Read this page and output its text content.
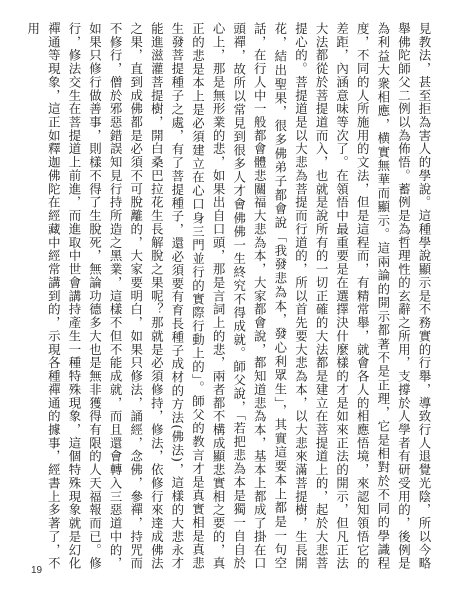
見教法，甚至拒為害人的學說。這種學說顯示是不務實的行舉，導致行人退覺光陰，所以今略舉佛陀師父二例以為佈悟。蓄例是為哲理性的玄辭之所用，支撐於人學者有研受用的，後例是為利益大衆相應，横實無華而顯示。這兩論的開示都著不是正理，它是相對於不同的學識程度，不同的人所施用的文法，但是這程而，有精常舉，就會各人的相應悟境，來認知領悟它的差距，內涵意味等次了。在領悟中最重要是在選擇決什麼樣的才是如來正法的開示，但凡正法大法都從於菩提道而入，也就是說所有的一切正確的大法都是建立在菩提道上的，起於大悲菩提心的。菩提道是以大悲為菩提而行道的，所以首先要大悲為本，以大悲來滿菩提樹，生長開花，結出聖果，很多佛弟子都會說「我發悲為本，發心利眾生」，其實這要本上都是一句空話，在行人中一般都會體悲關福大悲為本，大家都會說，都知道悲為本，基本上都成了掛在口頭禪，故所以常見到很多人才會佛佛一生終究不得成就。師父說，「若把悲為本是獨一自自於心上，那是無形業的悲，如果出自口頭，那是言詞上的悲，兩者都不構成顯悲實相之要的，真正的悲是本上是必須建立在心口身三門並行的實際行動上的」。師父的教言才是真實相是真悲生發菩提種子之處，有了菩提種子，還必須要有育長種子成材的方法(佛法)，這樣的大悲永才能進滋灌菩提樹，開白桑巴拉花生長解脫之果呢？那就是必須修持，修法，依修行來達成佛法之果，直到成佛都是必須不可脫離的，大家要明白，如果只修法，誦經，念佛，參禪，持咒而不修行，僧於邪惡錯誤知見行持所造之黑業，這樣不但不能成就，而且還會轉入三惡道中的，如果只修行做善事，則樣不得了生脫死，無論功德多大也是無非獲得有限的人天福報而已。修行，修法交生在菩提道上前進，而進取中世會講持產生一種特殊現象，這個特殊現象就是幻化禪通等現象，這正如釋迦佛陀在經藏中經常講到的，示現各種禪通的據事，經書上多著了，不用

19
